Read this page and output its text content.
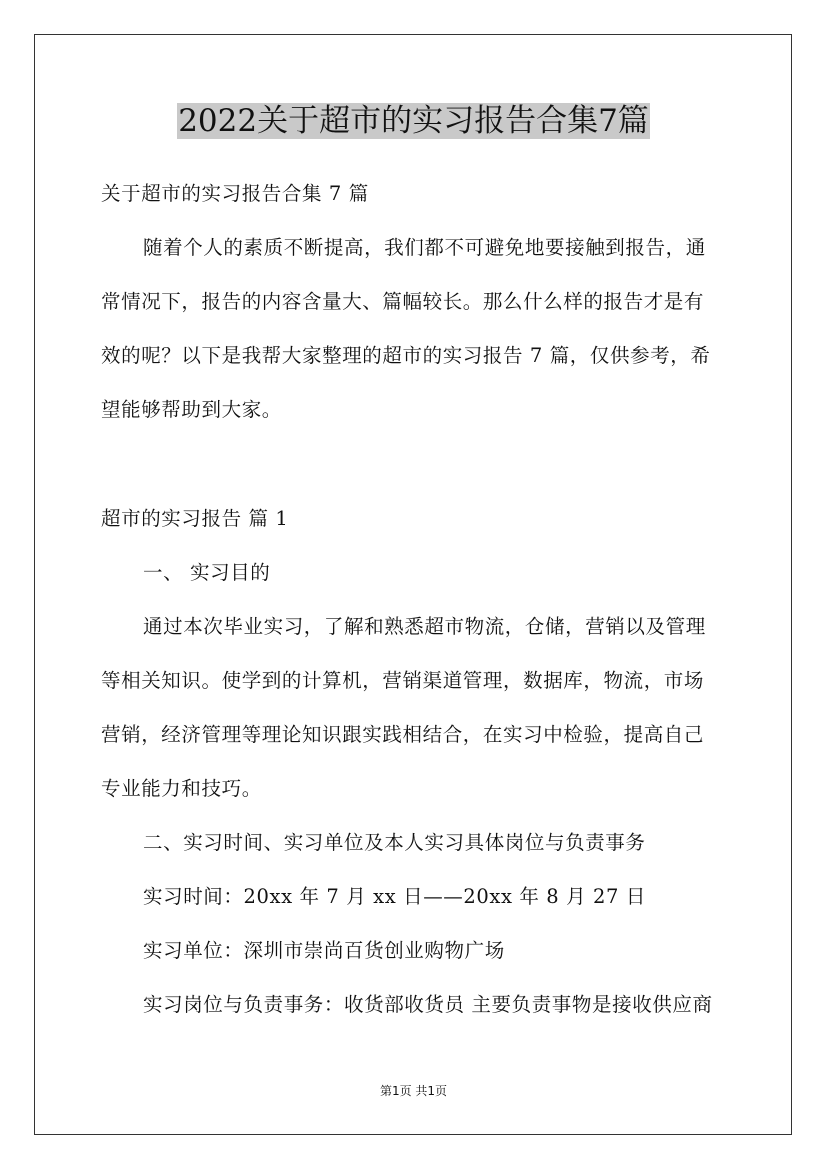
2022关于超市的实习报告合集7篇
关于超市的实习报告合集 7 篇
随着个人的素质不断提高，我们都不可避免地要接触到报告，通
常情况下，报告的内容含量大、篇幅较长。那么什么样的报告才是有
效的呢？以下是我帮大家整理的超市的实习报告 7 篇，仅供参考，希
望能够帮助到大家。
超市的实习报告 篇 1
一、 实习目的
通过本次毕业实习，了解和熟悉超市物流，仓储，营销以及管理
等相关知识。使学到的计算机，营销渠道管理，数据库，物流，市场
营销，经济管理等理论知识跟实践相结合，在实习中检验，提高自己
专业能力和技巧。
二、实习时间、实习单位及本人实习具体岗位与负责事务
实习时间：20xx 年 7 月 xx 日——20xx 年 8 月 27 日
实习单位：深圳市崇尚百货创业购物广场
实习岗位与负责事务：收货部收货员 主要负责事物是接收供应商
第1页 共1页
